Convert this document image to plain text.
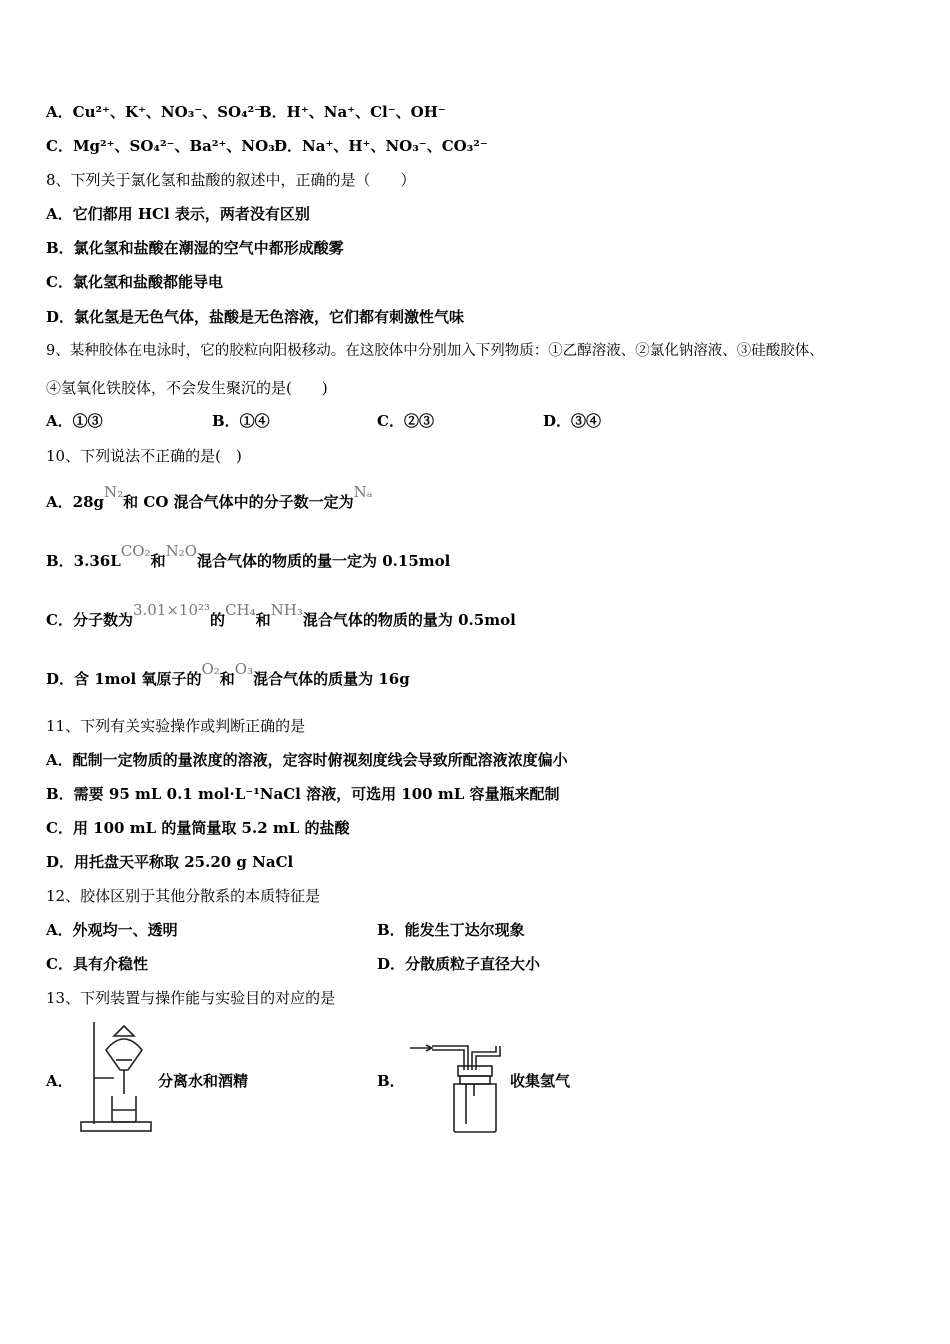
A．Cu²⁺、K⁺、NO₃⁻、SO₄²⁻
B．H⁺、Na⁺、Cl⁻、OH⁻
C．Mg²⁺、SO₄²⁻、Ba²⁺、NO₃⁻
D．Na⁺、H⁺、NO₃⁻、CO₃²⁻
8、下列关于氯化氢和盐酸的叙述中，正确的是（　　）
A．它们都用 HCl 表示，两者没有区别
B．氯化氢和盐酸在潮湿的空气中都形成酸雾
C．氯化氢和盐酸都能导电
D．氯化氢是无色气体，盐酸是无色溶液，它们都有刺激性气味
9、某种胶体在电泳时，它的胶粒向阳极移动。在这胶体中分别加入下列物质：①乙醇溶液、②氯化钠溶液、③硅酸胶体、
④氢氧化铁胶体，不会发生聚沉的是(　　)
A．①③	B．①④	C．②③	D．③④
10、下列说法不正确的是(　)
A．28gN₂和 CO 混合气体中的分子数一定为Nₐ
B．3.36LCO₂和N₂O混合气体的物质的量一定为 0.15mol
C．分子数为3.01×10²³的CH₄和NH₃混合气体的物质的量为 0.5mol
D．含 1mol 氧原子的O₂和O₃混合气体的质量为 16g
11、下列有关实验操作或判断正确的是
A．配制一定物质的量浓度的溶液，定容时俯视刻度线会导致所配溶液浓度偏小
B．需要 95 mL 0.1 mol·L⁻¹NaCl 溶液，可选用 100 mL 容量瓶来配制
C．用 100 mL 的量筒量取 5.2 mL 的盐酸
D．用托盘天平称取 25.20 g NaCl
12、胶体区别于其他分散系的本质特征是
A．外观均一、透明	B．能发生丁达尔现象
C．具有介稳性	D．分散质粒子直径大小
13、下列装置与操作能与实验目的对应的是
A．	分离水和酒精	B．	收集氢气
